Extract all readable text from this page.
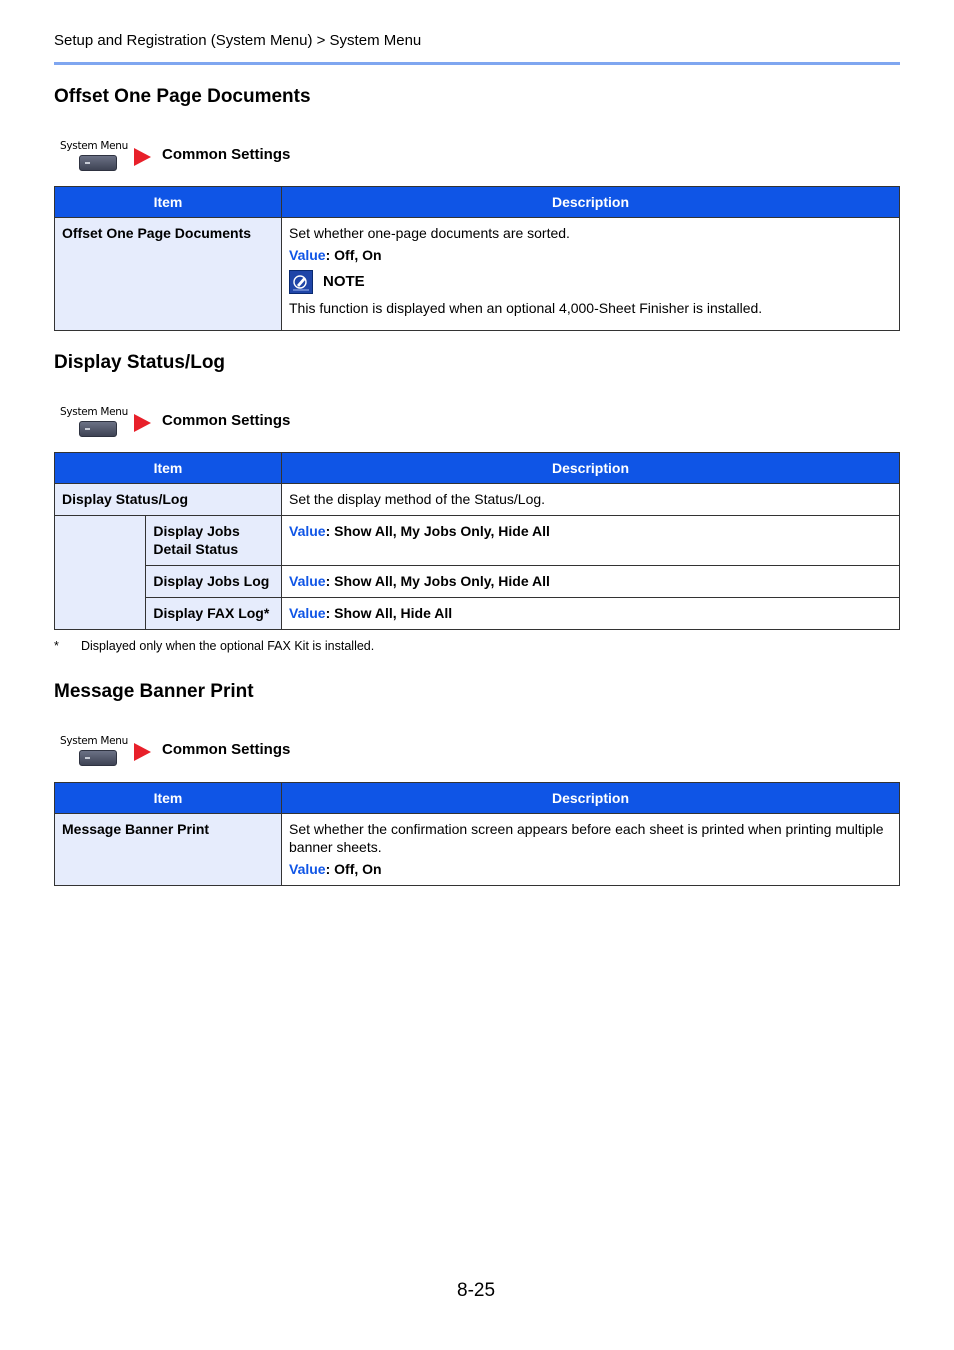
Setup and Registration (System Menu) > System Menu
Offset One Page Documents
System Menu Common Settings
Item	Description
Offset One Page Documents	Set whether one-page documents are sorted.
Value: Off, On
NOTE
This function is displayed when an optional 4,000-Sheet Finisher is installed.
Display Status/Log
System Menu Common Settings
Item		Description
Display Status/Log		Set the display method of the Status/Log.
	Display Jobs Detail Status	Value: Show All, My Jobs Only, Hide All
	Display Jobs Log	Value: Show All, My Jobs Only, Hide All
	Display FAX Log*	Value: Show All, Hide All
* Displayed only when the optional FAX Kit is installed.
Message Banner Print
System Menu Common Settings
Item	Description
Message Banner Print	Set whether the confirmation screen appears before each sheet is printed when printing multiple banner sheets.
Value: Off, On
8-25
